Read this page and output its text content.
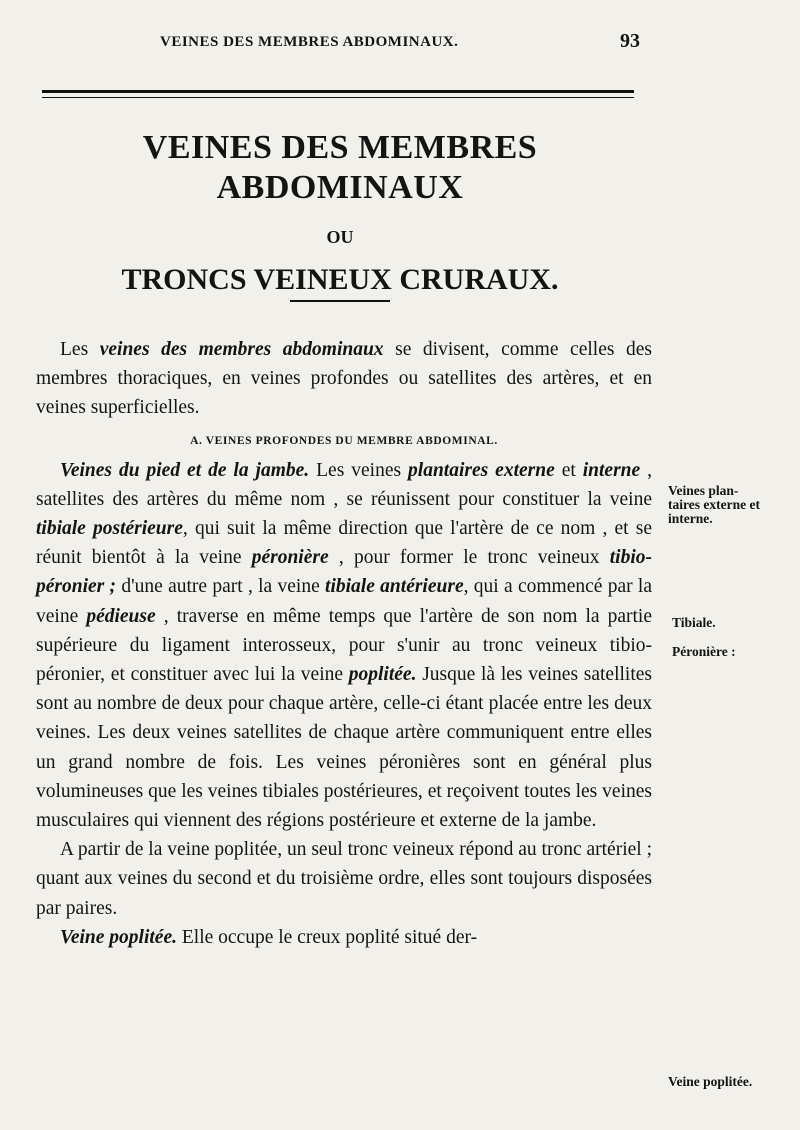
VEINES DES MEMBRES ABDOMINAUX.	93
VEINES DES MEMBRES ABDOMINAUX
OU
TRONCS VEINEUX CRURAUX.

Les veines des membres abdominaux se divisent, comme celles des membres thoraciques, en veines profondes ou satellites des artères, et en veines superficielles.

A. VEINES PROFONDES DU MEMBRE ABDOMINAL.

Veines du pied et de la jambe. Les veines plantaires externe et interne , satellites des artères du même nom , se réunissent pour constituer la veine tibiale postérieure, qui suit la même direction que l'artère de ce nom , et se réunit bientôt à la veine péronière , pour former le tronc veineux tibio-péronier ; d'une autre part , la veine tibiale antérieure, qui a commencé par la veine pédieuse , traverse en même temps que l'artère de son nom la partie supérieure du ligament interosseux, pour s'unir au tronc veineux tibio-péronier, et constituer avec lui la veine poplitée. Jusque là les veines satellites sont au nombre de deux pour chaque artère, celle-ci étant placée entre les deux veines. Les deux veines satellites de chaque artère communiquent entre elles un grand nombre de fois. Les veines péronières sont en général plus volumineuses que les veines tibiales postérieures, et reçoivent toutes les veines musculaires qui viennent des régions postérieure et externe de la jambe.

A partir de la veine poplitée, un seul tronc veineux répond au tronc artériel ; quant aux veines du second et du troisième ordre, elles sont toujours disposées par paires.

Veine poplitée. Elle occupe le creux poplité situé der-

Veines plan-
taires externe et
interne.
Tibiale.
Péronière :
Veine poplitée.
